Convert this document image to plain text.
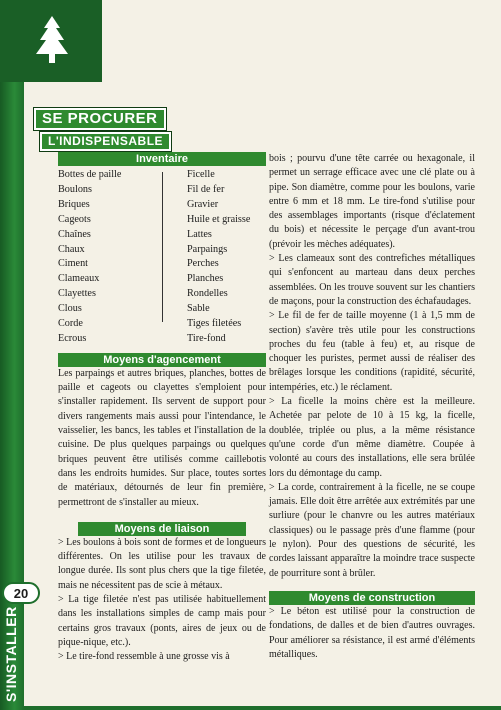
SE PROCURER
L'INDISPENSABLE
Inventaire
Bottes de paille
Boulons
Briques
Cageots
Chaînes
Chaux
Ciment
Clameaux
Clayettes
Clous
Corde
Ecrous
Ficelle
Fil de fer
Gravier
Huile et graisse
Lattes
Parpaings
Perches
Planches
Rondelles
Sable
Tiges filetées
Tire-fond
Moyens d'agencement

Les parpaings et autres briques, planches, bottes de paille et cageots ou clayettes s'emploient pour s'installer rapidement. Ils servent de support pour divers rangements mais aussi pour l'intendance, le vaisselier, les bancs, les tables et l'installation de la cuisine. De plus quelques parpaings ou quelques briques peuvent être utilisés comme caillebotis dans les endroits humides. Sur place, toutes sortes de matériaux, détournés de leur fin première, permettront de s'installer au mieux.

Moyens de liaison

> Les boulons à bois sont de formes et de longueurs différentes. On les utilise pour les travaux de longue durée. Ils sont plus chers que la tige filetée, mais ne nécessitent pas de scie à métaux.

> La tige filetée n'est pas utilisée habituellement dans les installations simples de camp mais pour certains gros travaux (ponts, aires de jeux ou de pique-nique, etc.).

> Le tire-fond ressemble à une grosse vis à

bois ; pourvu d'une tête carrée ou hexagonale, il permet un serrage efficace avec une clé plate ou à pipe. Son diamètre, comme pour les boulons, varie entre 6 mm et 18 mm. Le tire-fond s'utilise pour des assemblages importants (risque d'éclatement du bois) et nécessite le perçage d'un avant-trou (prévoir les mèches adéquates).

> Les clameaux sont des contrefiches métalliques qui s'enfoncent au marteau dans deux perches assemblées. On les trouve souvent sur les chantiers de maçons, pour la construction des échafaudages.

> Le fil de fer de taille moyenne (1 à 1,5 mm de section) s'avère très utile pour les constructions proches du feu (table à feu) et, au risque de choquer les puristes, permet aussi de réaliser des brêlages lorsque les conditions (rapidité, sécurité, intempéries, etc.) le réclament.

> La ficelle la moins chère est la meilleure. Achetée par pelote de 10 à 15 kg, la ficelle, doublée, triplée ou plus, a la même résistance qu'une corde d'un même diamètre. Coupée à volonté au cours des installations, elle sera brûlée lors du démontage du camp.

> La corde, contrairement à la ficelle, ne se coupe jamais. Elle doit être arrêtée aux extrémités par une surliure (pour le chanvre ou les autres matériaux classiques) ou le passage près d'une flamme (pour le nylon). Pour des questions de sécurité, les cordes laissant apparaître la moindre trace suspecte de pourriture sont à brûler.

Moyens de construction

> Le béton est utilisé pour la construction de fondations, de dalles et de bien d'autres ouvrages. Pour améliorer sa résistance, il est armé d'éléments métalliques.

20
S'INSTALLER
